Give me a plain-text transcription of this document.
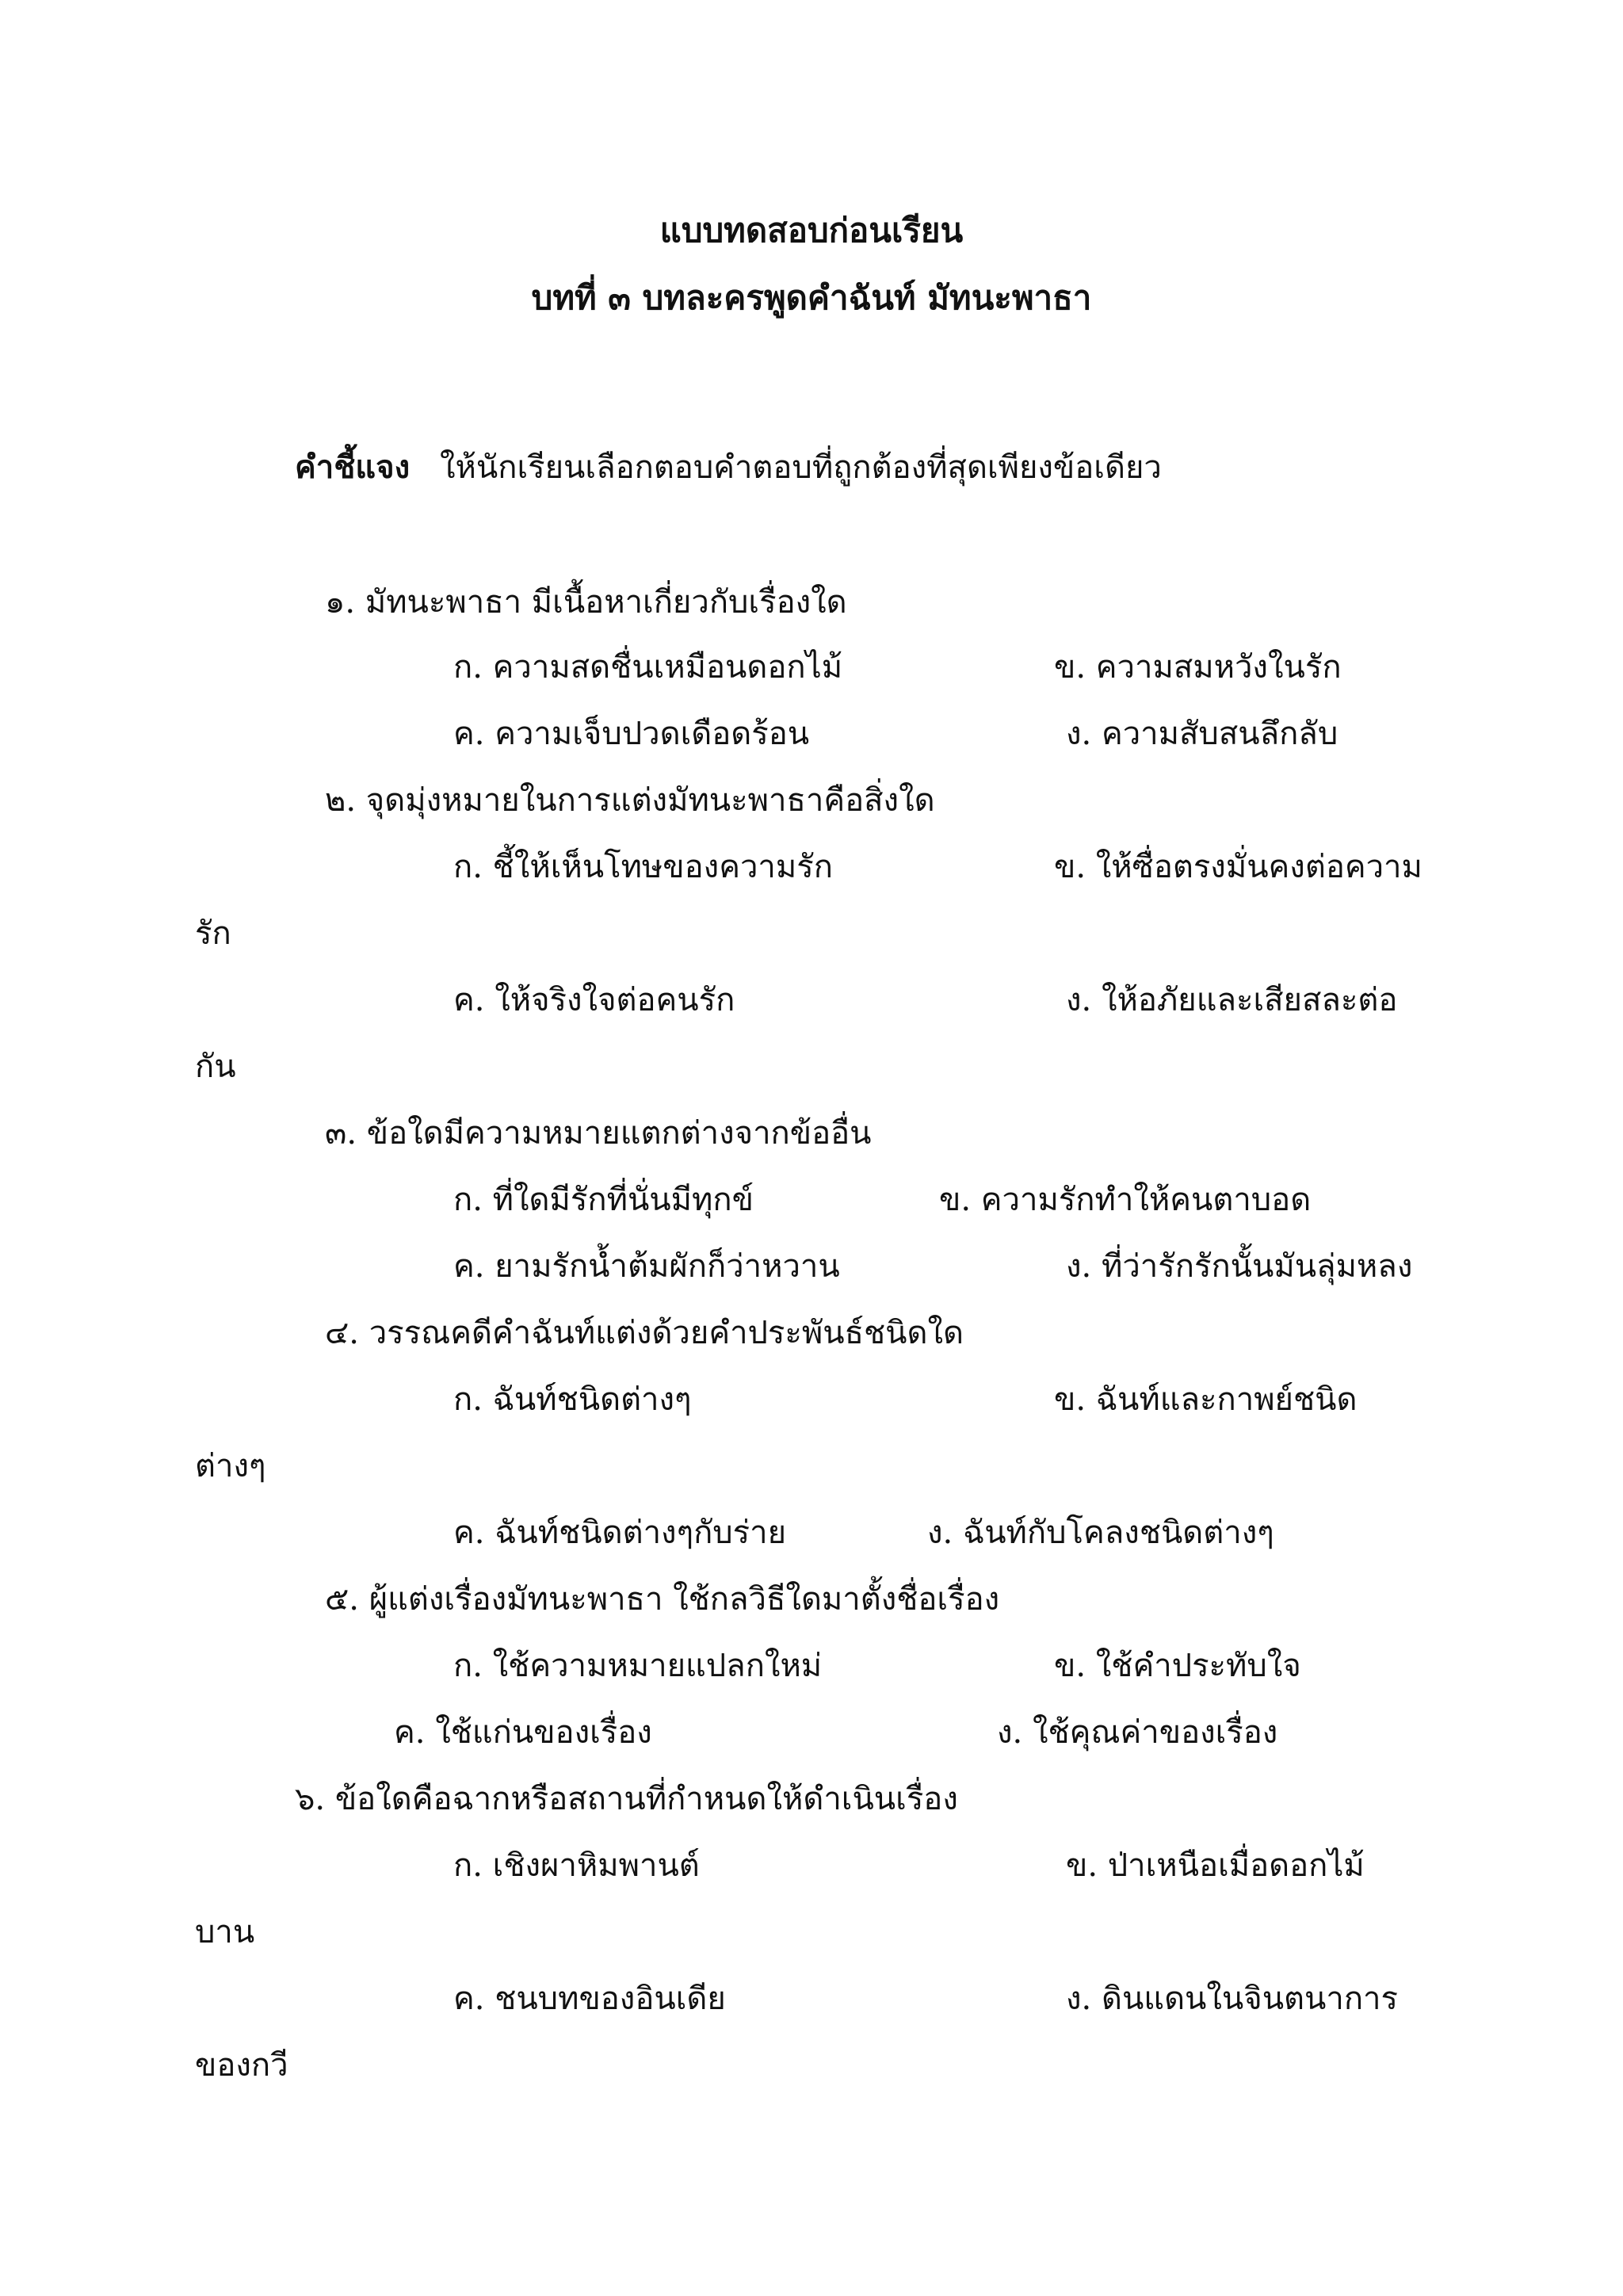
แบบทดสอบก่อนเรียน
บทที่ ๓ บทละครพูดคำฉันท์ มัทนะพาธา
คำชี้แจง ให้นักเรียนเลือกตอบคำตอบที่ถูกต้องที่สุดเพียงข้อเดียว
๑. มัทนะพาธา มีเนื้อหาเกี่ยวกับเรื่องใด
ก. ความสดชื่นเหมือนดอกไม้	ข. ความสมหวังในรัก
ค. ความเจ็บปวดเดือดร้อน	ง. ความสับสนลึกลับ
๒. จุดมุ่งหมายในการแต่งมัทนะพาธาคือสิ่งใด
ก. ชี้ให้เห็นโทษของความรัก	ข. ให้ซื่อตรงมั่นคงต่อความ
รัก
ค. ให้จริงใจต่อคนรัก	ง. ให้อภัยและเสียสละต่อ
กัน
๓. ข้อใดมีความหมายแตกต่างจากข้ออื่น
ก. ที่ใดมีรักที่นั่นมีทุกข์	ข. ความรักทำให้คนตาบอด
ค. ยามรักน้ำต้มผักก็ว่าหวาน	ง. ที่ว่ารักรักนั้นมันลุ่มหลง
๔. วรรณคดีคำฉันท์แต่งด้วยคำประพันธ์ชนิดใด
ก. ฉันท์ชนิดต่างๆ	ข. ฉันท์และกาพย์ชนิด
ต่างๆ
ค. ฉันท์ชนิดต่างๆกับร่าย	ง. ฉันท์กับโคลงชนิดต่างๆ
๕. ผู้แต่งเรื่องมัทนะพาธา ใช้กลวิธีใดมาตั้งชื่อเรื่อง
ก. ใช้ความหมายแปลกใหม่	ข. ใช้คำประทับใจ
ค. ใช้แก่นของเรื่อง	ง. ใช้คุณค่าของเรื่อง
๖. ข้อใดคือฉากหรือสถานที่กำหนดให้ดำเนินเรื่อง
ก. เชิงผาหิมพานต์	ข. ป่าเหนือเมื่อดอกไม้
บาน
ค. ชนบทของอินเดีย	ง. ดินแดนในจินตนาการ
ของกวี
